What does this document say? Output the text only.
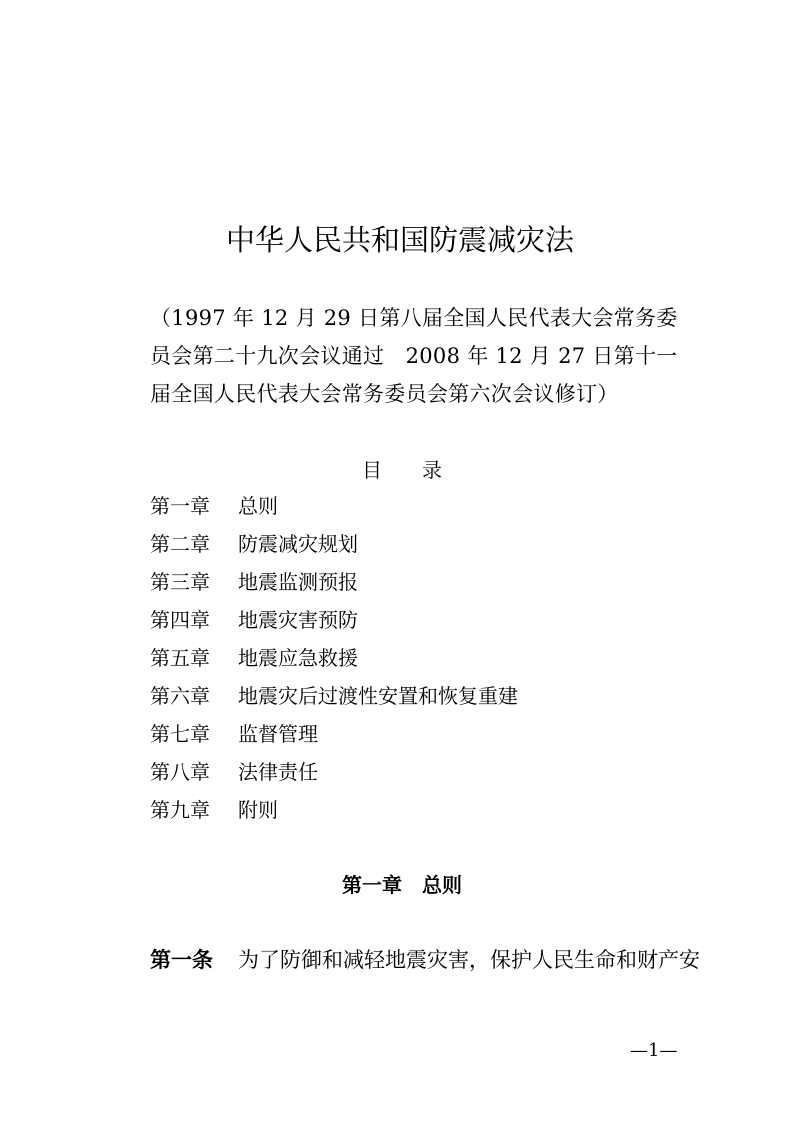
中华人民共和国防震减灾法
（1997 年 12 月 29 日第八届全国人民代表大会常务委
员会第二十九次会议通过　2008 年 12 月 27 日第十一
届全国人民代表大会常务委员会第六次会议修订）
目　　录
第一章	总则
第二章	防震减灾规划
第三章	地震监测预报
第四章	地震灾害预防
第五章	地震应急救援
第六章	地震灾后过渡性安置和恢复重建
第七章	监督管理
第八章	法律责任
第九章	附则
第一章　总则
第一条	为了防御和减轻地震灾害，保护人民生命和财产安
—1—
